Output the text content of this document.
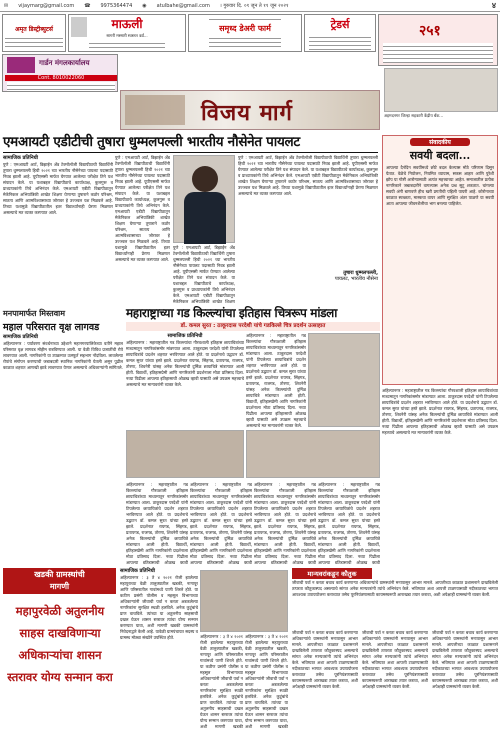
✉ vijaymarg@gmail.com ☎ 9975364474 ◉ atulbahe@gmail.com । गुरुवार दि. ०१ जून ते ११ जून २०२१	४
अमृत डिस्ट्रीब्युटर्स	माऊली
सागरी मस्सारी स्वस्तत वर्द्य...
समृध्द डेअरी फार्म	ट्रेडर्स	२५१
गार्डन मंगलकार्यालय
Cont. 8010022060
विजय मार्ग	अहमदनगर जिल्हा सहकारी केंद्रीय बँक...
एमआयटी एडीटीची तुषारा धुम्मलपल्ली भारतीय नौसेनेत पायलट
सामाजिक प्रतिनिधी
पुणे : एमआयटी आर्ट, डिझाईन अँड टेक्नॉलॉजी विद्यापीठाची विद्यार्थिनी तुषारा धुम्मलपल्ली हिची २०२१ च्या भारतीय नौसेनेच्या पायलट पदासाठी निवड झाली आहे. यूपीएससी मार्फत घेण्यात आलेल्या परीक्षेत तिने यश संपादन केले. या यशाबद्दल विद्यापीठाचे कार्याध्यक्ष, कुलगुरू व प्राध्यापकांनी तिचे अभिनंदन केले. एमआयटी एडीटी विद्यापीठातून मेकॅनिकल अभियांत्रिकी शाखेत शिक्षण घेणाऱ्या तुषाराने कठोर परिश्रम, सातत्य आणि आत्मविश्वासाच्या जोरावर हे उज्ज्वल यश मिळवले आहे. तिच्या यशामुळे विद्यापीठातील इतर विद्यार्थ्यांनाही प्रेरणा मिळणार असल्याचे मत व्यक्त करण्यात आले.
पुणे : एमआयटी आर्ट, डिझाईन अँड टेक्नॉलॉजी विद्यापीठाची विद्यार्थिनी तुषारा धुम्मलपल्ली हिची २०२१ च्या भारतीय नौसेनेच्या पायलट पदासाठी निवड झाली आहे. यूपीएससी मार्फत घेण्यात आलेल्या परीक्षेत तिने यश संपादन केले. या यशाबद्दल विद्यापीठाचे कार्याध्यक्ष, कुलगुरू व प्राध्यापकांनी तिचे अभिनंदन केले. एमआयटी एडीटी विद्यापीठातून मेकॅनिकल अभियांत्रिकी शाखेत शिक्षण घेणाऱ्या तुषाराने कठोर परिश्रम, सातत्य आणि आत्मविश्वासाच्या जोरावर हे उज्ज्वल यश मिळवले आहे. तिच्या यशामुळे विद्यापीठातील इतर विद्यार्थ्यांनाही प्रेरणा मिळणार असल्याचे मत व्यक्त करण्यात आले.
पुणे : एमआयटी आर्ट, डिझाईन अँड टेक्नॉलॉजी विद्यापीठाची विद्यार्थिनी तुषारा धुम्मलपल्ली हिची २०२१ च्या भारतीय नौसेनेच्या पायलट पदासाठी निवड झाली आहे. यूपीएससी मार्फत घेण्यात आलेल्या परीक्षेत तिने यश संपादन केले. या यशाबद्दल विद्यापीठाचे कार्याध्यक्ष, कुलगुरू व प्राध्यापकांनी तिचे अभिनंदन केले. एमआयटी एडीटी विद्यापीठातून मेकॅनिकल अभियांत्रिकी शाखेत शिक्षण
पुणे : एमआयटी आर्ट, डिझाईन अँड टेक्नॉलॉजी विद्यापीठाची विद्यार्थिनी तुषारा धुम्मलपल्ली हिची २०२१ च्या भारतीय नौसेनेच्या पायलट पदासाठी निवड झाली आहे. यूपीएससी मार्फत घेण्यात आलेल्या परीक्षेत तिने यश संपादन केले. या यशाबद्दल विद्यापीठाचे कार्याध्यक्ष, कुलगुरू व प्राध्यापकांनी तिचे अभिनंदन केले. एमआयटी एडीटी विद्यापीठातून मेकॅनिकल अभियांत्रिकी शाखेत शिक्षण घेणाऱ्या तुषाराने कठोर परिश्रम, सातत्य आणि आत्मविश्वासाच्या जोरावर हे उज्ज्वल यश मिळवले आहे. तिच्या यशामुळे विद्यापीठातील इतर विद्यार्थ्यांनाही प्रेरणा मिळणार असल्याचे मत व्यक्त करण्यात आले.
तुषारा धुम्मलपल्ली,
पायलट, भारतीय नौसेना
संवादकीय
सवयी बदला...
आपल्या दैनंदिन सवयींमध्ये छोटे बदल केल्यास मोठे परिणाम दिसून येतात. वेळेचे नियोजन, नियमित व्यायाम, सकस आहार आणि पुरेशी झोप या गोष्टी आरोग्यासाठी अत्यंत महत्त्वाच्या आहेत. समाजातील प्रत्येक नागरिकाने जबाबदारीने वागल्यास अनेक प्रश्न सुटू शकतात. चांगल्या सवयी अंगी बाणवणे हीच खरी प्रगतीची पहिली पायरी आहे. कोरोनाच्या काळात स्वच्छता, मास्कचा वापर आणि सुरक्षित अंतर पाळणे या सवयी आता आपल्या जीवनशैलीचा भाग बनल्या पाहिजेत.
मनपामार्फत मिस्तवाम
महाल परिसरात वृक्ष लागवड
सामाजिक प्रतिनिधी
अहिल्यानगर : पर्यावरण संवर्धनाच्या उद्देशाने महानगरपालिकेच्या वतीने महाल परिसरात वृक्ष लागवड मोहीम राबविण्यात आली. या वेळी विविध प्रजातींची रोपे लावण्यात आली. नागरिकांनी या उपक्रमात उत्स्फूर्त सहभाग नोंदविला. लावलेल्या रोपांचे संगोपन करण्याची जबाबदारी स्थानिक नागरिकांनी घेतली असून पुढील काळात शहरात आणखी झाडे लावण्यात येणार असल्याचे अधिकाऱ्यांनी सांगितले.
महाराष्ट्राच्या गड किल्ल्यांचा इतिहास चित्ररूप मांडला
डॉ. कमल सुरत : ठाकूरदास परदेशी यांचे गडकिल्ले चित्र प्रदर्शन उत्साहात
सामाजिक प्रतिनिधी
अहिल्यानगर : महाराष्ट्रातील गड किल्ल्यांचा गौरवशाली इतिहास छायाचित्रांच्या माध्यमातून नागरिकांसमोर मांडण्यात आला. ठाकूरदास परदेशी यांनी टिपलेल्या छायाचित्रांचे प्रदर्शन शहरात भरविण्यात आले होते. या प्रदर्शनाचे उद्घाटन डॉ. कमल सुरत यांच्या हस्ते झाले. प्रदर्शनात रायगड, सिंहगड, प्रतापगड, राजगड, तोरणा, शिवनेरी यांसह अनेक किल्ल्यांची दुर्मिळ छायाचित्रे मांडण्यात आली होती. विद्यार्थी, इतिहासप्रेमी आणि नागरिकांनी प्रदर्शनाला मोठा प्रतिसाद दिला. नव्या पिढीला आपल्या इतिहासाची ओळख व्हावी यासाठी असे उपक्रम महत्त्वाचे असल्याचे मत मान्यवरांनी व्यक्त केले.
अहिल्यानगर : महाराष्ट्रातील गड किल्ल्यांचा गौरवशाली इतिहास छायाचित्रांच्या माध्यमातून नागरिकांसमोर मांडण्यात आला. ठाकूरदास परदेशी यांनी टिपलेल्या छायाचित्रांचे प्रदर्शन शहरात भरविण्यात आले होते. या प्रदर्शनाचे उद्घाटन डॉ. कमल सुरत यांच्या हस्ते झाले. प्रदर्शनात रायगड, सिंहगड, प्रतापगड, राजगड, तोरणा, शिवनेरी यांसह अनेक किल्ल्यांची दुर्मिळ छायाचित्रे मांडण्यात आली होती. विद्यार्थी, इतिहासप्रेमी आणि नागरिकांनी प्रदर्शनाला मोठा प्रतिसाद दिला. नव्या पिढीला आपल्या इतिहासाची ओळख व्हावी यासाठी असे उपक्रम महत्त्वाचे असल्याचे मत मान्यवरांनी व्यक्त केले.
अहिल्यानगर : महाराष्ट्रातील गड किल्ल्यांचा गौरवशाली इतिहास छायाचित्रांच्या माध्यमातून नागरिकांसमोर मांडण्यात आला. ठाकूरदास परदेशी यांनी टिपलेल्या छायाचित्रांचे प्रदर्शन शहरात भरविण्यात आले होते. या प्रदर्शनाचे उद्घाटन डॉ. कमल सुरत यांच्या हस्ते झाले. प्रदर्शनात रायगड, सिंहगड, प्रतापगड, राजगड, तोरणा, शिवनेरी यांसह अनेक किल्ल्यांची दुर्मिळ छायाचित्रे मांडण्यात आली होती. विद्यार्थी, इतिहासप्रेमी आणि नागरिकांनी प्रदर्शनाला मोठा प्रतिसाद दिला. नव्या पिढीला आपल्या इतिहासाची ओळख व्हावी
अहिल्यानगर : महाराष्ट्रातील गड किल्ल्यांचा गौरवशाली इतिहास छायाचित्रांच्या माध्यमातून नागरिकांसमोर मांडण्यात आला. ठाकूरदास परदेशी यांनी टिपलेल्या छायाचित्रांचे प्रदर्शन शहरात भरविण्यात आले होते. या प्रदर्शनाचे उद्घाटन डॉ. कमल सुरत यांच्या हस्ते झाले. प्रदर्शनात रायगड, सिंहगड, प्रतापगड, राजगड, तोरणा, शिवनेरी यांसह अनेक किल्ल्यांची दुर्मिळ छायाचित्रे मांडण्यात आली होती. विद्यार्थी, इतिहासप्रेमी आणि नागरिकांनी प्रदर्शनाला मोठा प्रतिसाद दिला. नव्या पिढीला आपल्या इतिहासाची ओळख व्हावी
अहिल्यानगर : महाराष्ट्रातील गड किल्ल्यांचा गौरवशाली इतिहास छायाचित्रांच्या माध्यमातून नागरिकांसमोर मांडण्यात आला. ठाकूरदास परदेशी यांनी टिपलेल्या छायाचित्रांचे प्रदर्शन शहरात भरविण्यात आले होते. या प्रदर्शनाचे उद्घाटन डॉ. कमल सुरत यांच्या हस्ते झाले. प्रदर्शनात रायगड, सिंहगड, प्रतापगड, राजगड, तोरणा, शिवनेरी यांसह अनेक किल्ल्यांची दुर्मिळ छायाचित्रे मांडण्यात आली होती. विद्यार्थी, इतिहासप्रेमी आणि नागरिकांनी प्रदर्शनाला मोठा प्रतिसाद दिला. नव्या पिढीला आपल्या इतिहासाची ओळख व्हावी
अहिल्यानगर : महाराष्ट्रातील गड किल्ल्यांचा गौरवशाली इतिहास छायाचित्रांच्या माध्यमातून नागरिकांसमोर मांडण्यात आला. ठाकूरदास परदेशी यांनी टिपलेल्या छायाचित्रांचे प्रदर्शन शहरात भरविण्यात आले होते. या प्रदर्शनाचे उद्घाटन डॉ. कमल सुरत यांच्या हस्ते झाले. प्रदर्शनात रायगड, सिंहगड, प्रतापगड, राजगड, तोरणा, शिवनेरी यांसह अनेक किल्ल्यांची दुर्मिळ छायाचित्रे मांडण्यात आली होती. विद्यार्थी, इतिहासप्रेमी आणि नागरिकांनी प्रदर्शनाला मोठा प्रतिसाद दिला. नव्या पिढीला आपल्या इतिहासाची ओळख व्हावी
अहिल्यानगर : महाराष्ट्रातील गड किल्ल्यांचा गौरवशाली इतिहास छायाचित्रांच्या माध्यमातून नागरिकांसमोर मांडण्यात आला. ठाकूरदास परदेशी यांनी टिपलेल्या छायाचित्रांचे प्रदर्शन शहरात भरविण्यात आले होते. या प्रदर्शनाचे उद्घाटन डॉ. कमल सुरत यांच्या हस्ते झाले. प्रदर्शनात रायगड, सिंहगड, प्रतापगड, राजगड, तोरणा, शिवनेरी यांसह अनेक किल्ल्यांची दुर्मिळ छायाचित्रे मांडण्यात आली होती. विद्यार्थी, इतिहासप्रेमी आणि नागरिकांनी प्रदर्शनाला मोठा प्रतिसाद दिला. नव्या पिढीला आपल्या इतिहासाची ओळख व्हावी यासाठी असे उपक्रम महत्त्वाचे असल्याचे मत मान्यवरांनी व्यक्त केले.
खडकी ग्रामस्थांची
मागणी
महापुरवेळी अतुलनीय साहस दाखविणाऱ्या अधिकाऱ्यांचा शासन स्तरावर योग्य सन्मान करा
सामाजिक प्रतिनिधी
अहिल्यानगर : ३ ते ४ २०२१ रोजी झालेल्या महापुराच्या वेळी तालुक्यातील खडकी, नागापूर आणि परिसरातील गावांमध्ये पाणी शिरले होते. या कठीण प्रसंगी पोलीस व महसूल विभागाच्या अधिकाऱ्यांनी जीवाची पर्वा न करता अडकलेल्या नागरिकांना सुरक्षित स्थळी हलविले. अनेक कुटुंबांचे प्राण वाचविले. त्यांच्या या अतुलनीय साहसाची दखल घेऊन शासन स्तरावर त्यांचा योग्य सन्मान करण्यात यावा, अशी मागणी खडकी ग्रामस्थांनी निवेदनाद्वारे केली आहे. यावेळी ग्रामपंचायत सदस्य व ग्रामस्थ मोठ्या संख्येने उपस्थित होते.	अहिल्यानगर : ३ ते ४ २०२१ रोजी झालेल्या महापुराच्या वेळी तालुक्यातील खडकी, नागापूर आणि परिसरातील गावांमध्ये पाणी शिरले होते. या कठीण प्रसंगी पोलीस व महसूल विभागाच्या अधिकाऱ्यांनी जीवाची पर्वा न करता अडकलेल्या नागरिकांना सुरक्षित स्थळी हलविले. अनेक कुटुंबांचे प्राण वाचविले. त्यांच्या या अतुलनीय साहसाची दखल घेऊन शासन स्तरावर त्यांचा योग्य सन्मान करण्यात यावा, अशी मागणी खडकी
अहिल्यानगर : ३ ते ४ २०२१ रोजी झालेल्या महापुराच्या वेळी तालुक्यातील खडकी, नागापूर आणि परिसरातील गावांमध्ये पाणी शिरले होते. या कठीण प्रसंगी पोलीस व महसूल विभागाच्या अधिकाऱ्यांनी जीवाची पर्वा न करता अडकलेल्या नागरिकांना सुरक्षित स्थळी हलविले. अनेक कुटुंबांचे प्राण वाचविले. त्यांच्या या अतुलनीय साहसाची दखल घेऊन शासन स्तरावर त्यांचा योग्य सन्मान करण्यात यावा, अशी मागणी खडकी
मान्यवरांकडून कौतुक
जीवाची पर्वा न करता बचाव कार्य करणाऱ्या अधिकाऱ्यांचे ग्रामस्थांनी मनापासून आभार मानले. आपत्तीच्या काळात प्रशासनाने दाखविलेली तत्परता कौतुकास्पद असल्याचे सांगत अनेक मान्यवरांनी त्यांचे अभिनंदन केले. भविष्यात अशा आपत्ती टाळण्यासाठी नदीकाठच्या भागात आवश्यक उपाययोजना कराव्यात तसेच पूरनियंत्रणासाठी कायमस्वरूपी आराखडा तयार करावा, अशी अपेक्षाही ग्रामस्थांनी व्यक्त केली.
जीवाची पर्वा न करता बचाव कार्य करणाऱ्या अधिकाऱ्यांचे ग्रामस्थांनी मनापासून आभार मानले. आपत्तीच्या काळात प्रशासनाने दाखविलेली तत्परता कौतुकास्पद असल्याचे सांगत अनेक मान्यवरांनी त्यांचे अभिनंदन केले. भविष्यात अशा आपत्ती टाळण्यासाठी नदीकाठच्या भागात आवश्यक उपाययोजना कराव्यात तसेच पूरनियंत्रणासाठी कायमस्वरूपी आराखडा तयार करावा, अशी अपेक्षाही ग्रामस्थांनी व्यक्त केली.
जीवाची पर्वा न करता बचाव कार्य करणाऱ्या अधिकाऱ्यांचे ग्रामस्थांनी मनापासून आभार मानले. आपत्तीच्या काळात प्रशासनाने दाखविलेली तत्परता कौतुकास्पद असल्याचे सांगत अनेक मान्यवरांनी त्यांचे अभिनंदन केले. भविष्यात अशा आपत्ती टाळण्यासाठी नदीकाठच्या भागात आवश्यक उपाययोजना कराव्यात तसेच पूरनियंत्रणासाठी कायमस्वरूपी आराखडा तयार करावा, अशी अपेक्षाही ग्रामस्थांनी व्यक्त केली.
जीवाची पर्वा न करता बचाव कार्य करणाऱ्या अधिकाऱ्यांचे ग्रामस्थांनी मनापासून आभार मानले. आपत्तीच्या काळात प्रशासनाने दाखविलेली तत्परता कौतुकास्पद असल्याचे सांगत अनेक मान्यवरांनी त्यांचे अभिनंदन केले. भविष्यात अशा आपत्ती टाळण्यासाठी नदीकाठच्या भागात आवश्यक उपाययोजना कराव्यात तसेच पूरनियंत्रणासाठी कायमस्वरूपी आराखडा तयार करावा, अशी अपेक्षाही ग्रामस्थांनी व्यक्त केली.
